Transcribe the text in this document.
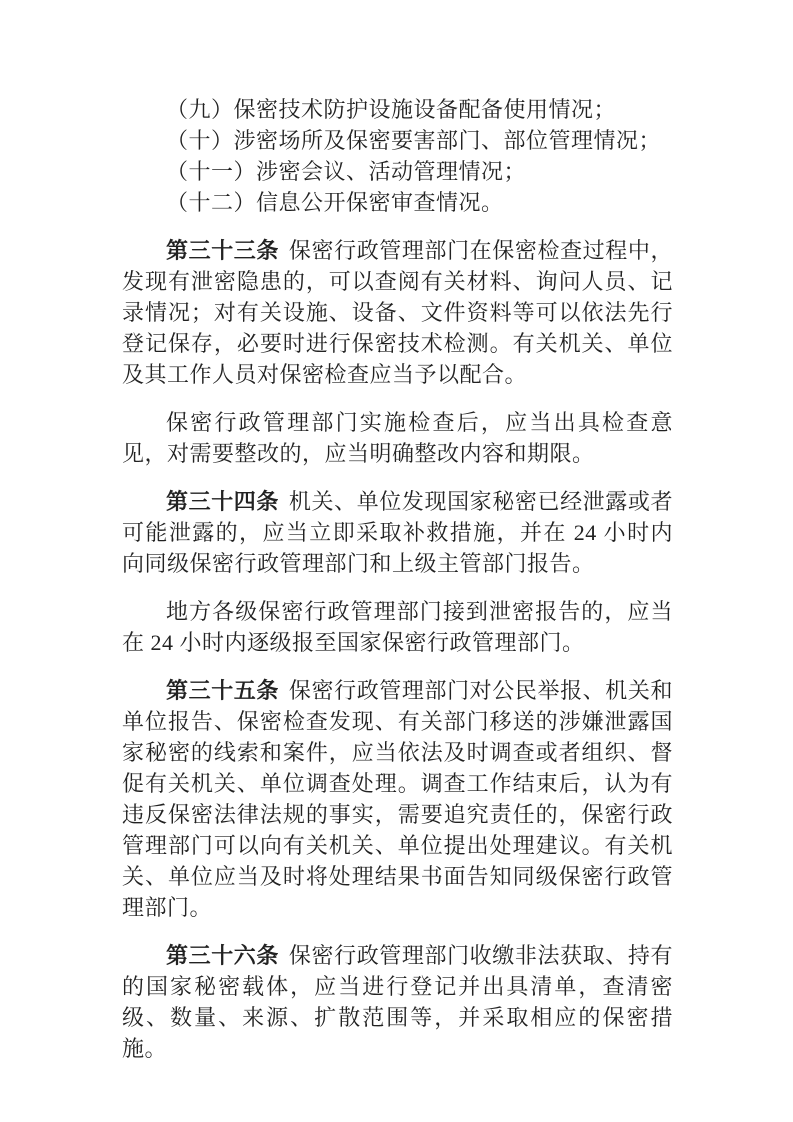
（九）保密技术防护设施设备配备使用情况；
（十）涉密场所及保密要害部门、部位管理情况；
（十一）涉密会议、活动管理情况；
（十二）信息公开保密审查情况。

第三十三条 保密行政管理部门在保密检查过程中，发现有泄密隐患的，可以查阅有关材料、询问人员、记录情况；对有关设施、设备、文件资料等可以依法先行登记保存，必要时进行保密技术检测。有关机关、单位及其工作人员对保密检查应当予以配合。

保密行政管理部门实施检查后，应当出具检查意见，对需要整改的，应当明确整改内容和期限。

第三十四条 机关、单位发现国家秘密已经泄露或者可能泄露的，应当立即采取补救措施，并在 24 小时内向同级保密行政管理部门和上级主管部门报告。

地方各级保密行政管理部门接到泄密报告的，应当在 24 小时内逐级报至国家保密行政管理部门。

第三十五条 保密行政管理部门对公民举报、机关和单位报告、保密检查发现、有关部门移送的涉嫌泄露国家秘密的线索和案件，应当依法及时调查或者组织、督促有关机关、单位调查处理。调查工作结束后，认为有违反保密法律法规的事实，需要追究责任的，保密行政管理部门可以向有关机关、单位提出处理建议。有关机关、单位应当及时将处理结果书面告知同级保密行政管理部门。

第三十六条 保密行政管理部门收缴非法获取、持有的国家秘密载体，应当进行登记并出具清单，查清密级、数量、来源、扩散范围等，并采取相应的保密措施。
